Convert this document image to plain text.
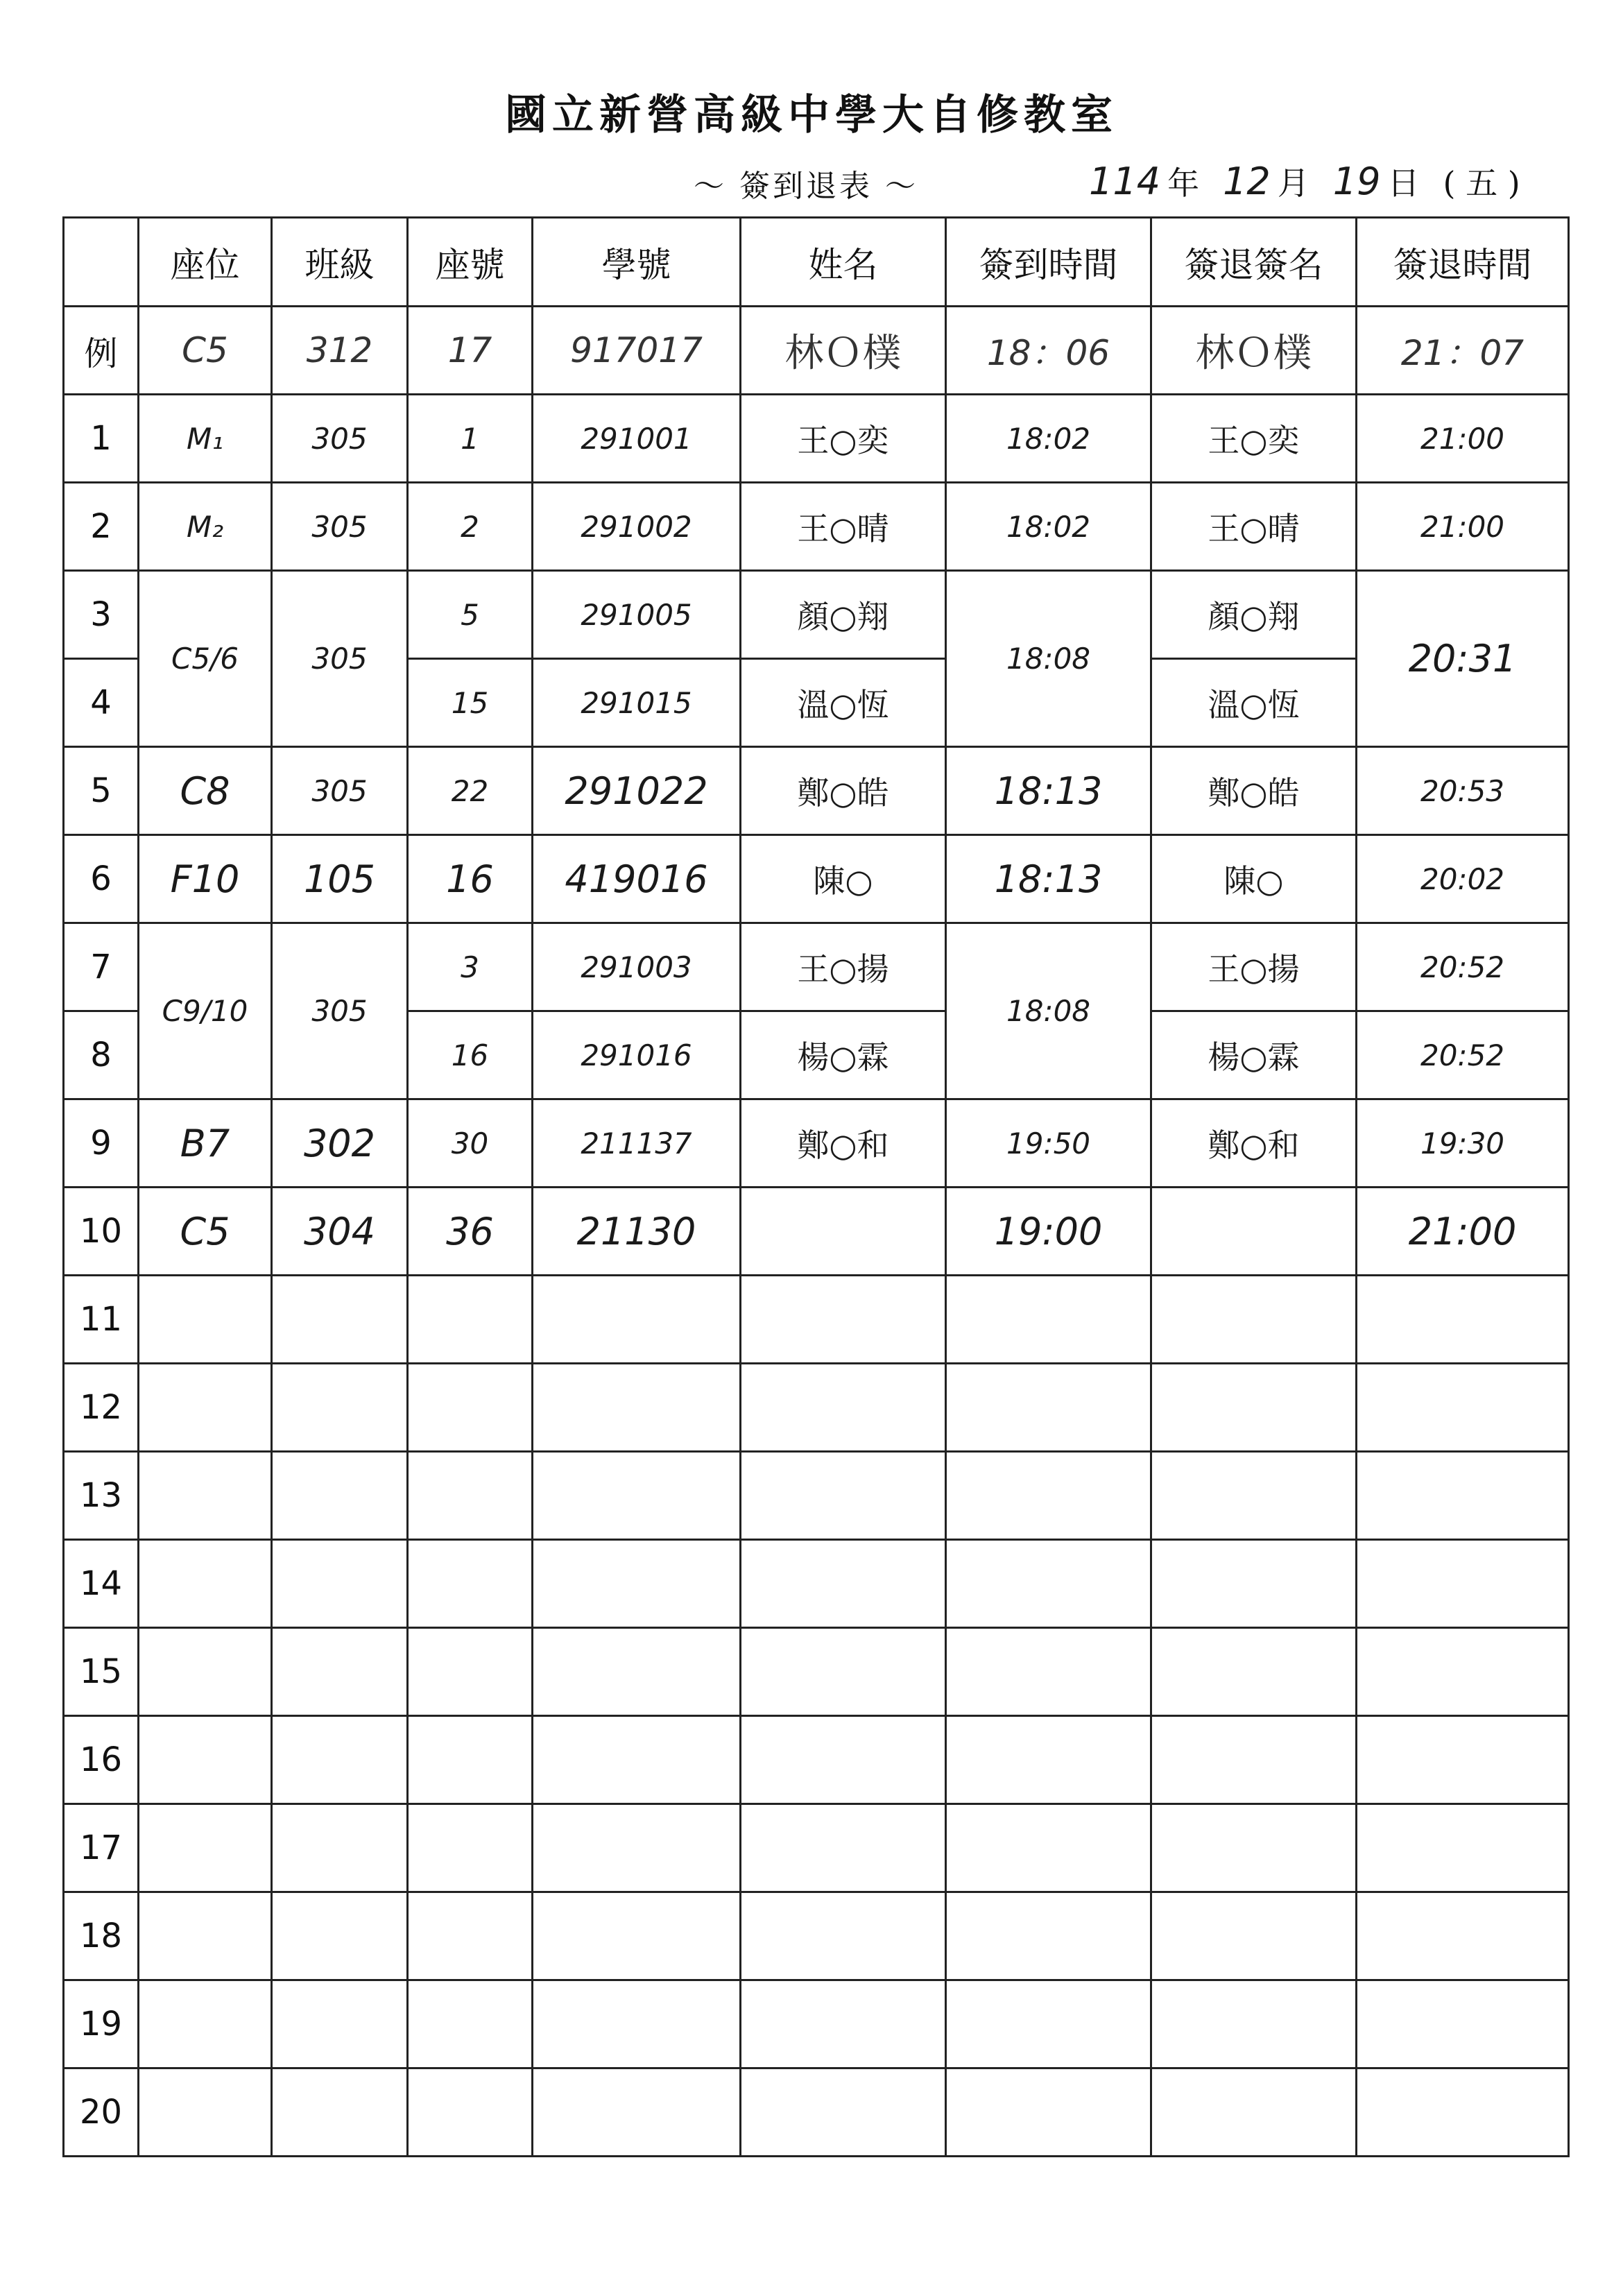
國立新營高級中學大自修教室
～ 簽到退表 ～	114 年 12 月 19 日 ( 五 )
	座位	班級	座號	學號	姓名	簽到時間	簽退簽名	簽退時間
例	C5	312	17	917017	林Ｏ樸	18：06	林Ｏ樸	21：07
1	M₁	305	1	291001	王○奕	18:02	王○奕	21:00
2	M₂	305	2	291002	王○晴	18:02	王○晴	21:00
3	C5/6	305	5	291005	顏○翔	18:08	顏○翔	20:31
4			15	291015	溫○恆		溫○恆	
5	C8	305	22	291022	鄭○皓	18:13	鄭○皓	20:53
6	F10	105	16	419016	陳○	18:13	陳○	20:02
7	C9/10	305	3	291003	王○揚	18:08	王○揚	20:52
8			16	291016	楊○霖		楊○霖	20:52
9	B7	302	30	211137	鄭○和	19:50	鄭○和	19:30
10	C5	304	36	21130		19:00		21:00
11								
12								
13								
14								
15								
16								
17								
18								
19								
20								
